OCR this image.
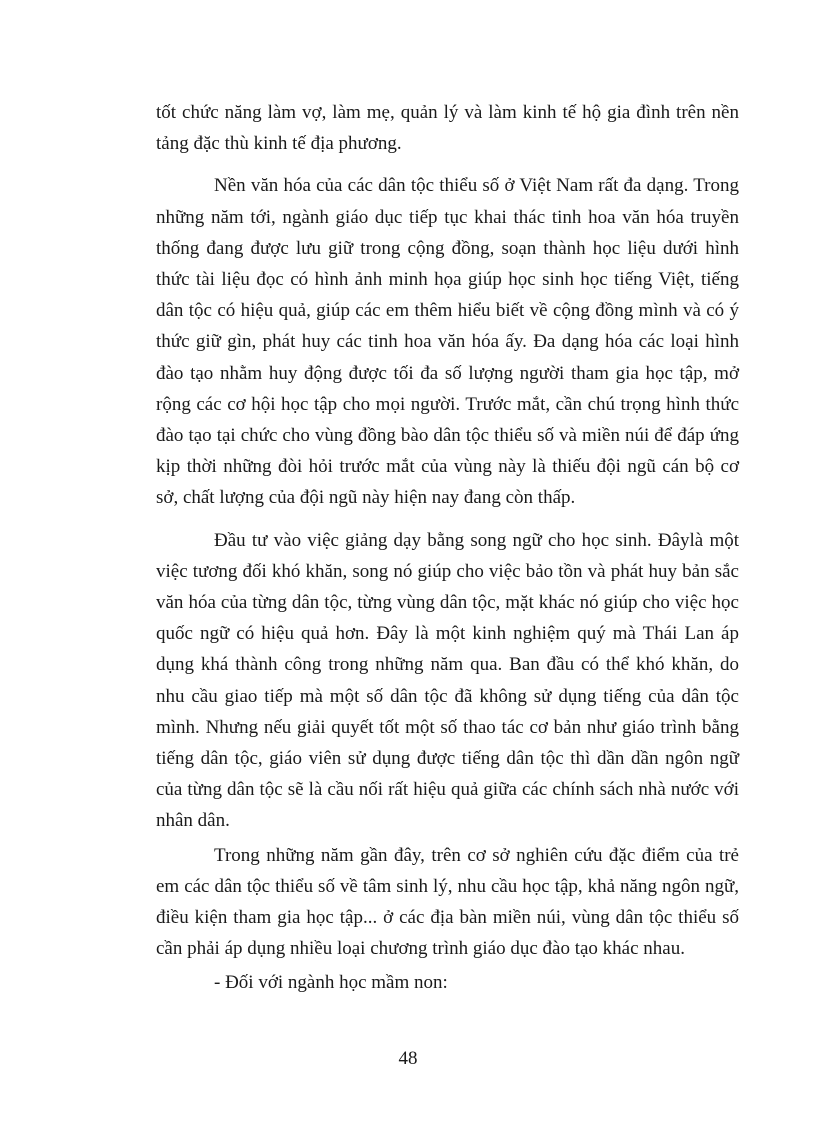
tốt chức năng làm vợ, làm mẹ, quản lý và làm kinh tế hộ gia đình trên nền tảng đặc thù kinh tế địa phương.

Nền văn hóa của các dân tộc thiểu số ở Việt Nam rất đa dạng. Trong những năm tới, ngành giáo dục tiếp tục khai thác tinh hoa văn hóa truyền thống đang được lưu giữ trong cộng đồng, soạn thành học liệu dưới hình thức tài liệu đọc có hình ảnh minh họa giúp học sinh học tiếng Việt, tiếng dân tộc có hiệu quả, giúp các em thêm hiểu biết về cộng đồng mình và có ý thức giữ gìn, phát huy các tinh hoa văn hóa ấy. Đa dạng hóa các loại hình đào tạo nhằm huy động được tối đa số lượng người tham gia học tập, mở rộng các cơ hội học tập cho mọi người. Trước mắt, cần chú trọng hình thức đào tạo tại chức cho vùng đồng bào dân tộc thiểu số và miền núi để đáp ứng kịp thời những đòi hỏi trước mắt của vùng này là thiếu đội ngũ cán bộ cơ sở, chất lượng của đội ngũ này hiện nay đang còn thấp.

Đầu tư vào việc giảng dạy bằng song ngữ cho học sinh. Đâylà một việc tương đối khó khăn, song nó giúp cho việc bảo tồn và phát huy bản sắc văn hóa của từng dân tộc, từng vùng dân tộc, mặt khác nó giúp cho việc học quốc ngữ có hiệu quả hơn. Đây là một kinh nghiệm quý mà Thái Lan áp dụng khá thành công trong những năm qua. Ban đầu có thể khó khăn, do nhu cầu giao tiếp mà một số dân tộc đã không sử dụng tiếng của dân tộc mình. Nhưng nếu giải quyết tốt một số thao tác cơ bản như giáo trình bằng tiếng dân tộc, giáo viên sử dụng được tiếng dân tộc thì dần dần ngôn ngữ của từng dân tộc sẽ là cầu nối rất hiệu quả giữa các chính sách nhà nước với nhân dân.

Trong những năm gần đây, trên cơ sở nghiên cứu đặc điểm của trẻ em các dân tộc thiểu số về tâm sinh lý, nhu cầu học tập, khả năng ngôn ngữ, điều kiện tham gia học tập... ở các địa bàn miền núi, vùng dân tộc thiểu số cần phải áp dụng nhiều loại chương trình giáo dục đào tạo khác nhau.

- Đối với ngành học mầm non:

48
